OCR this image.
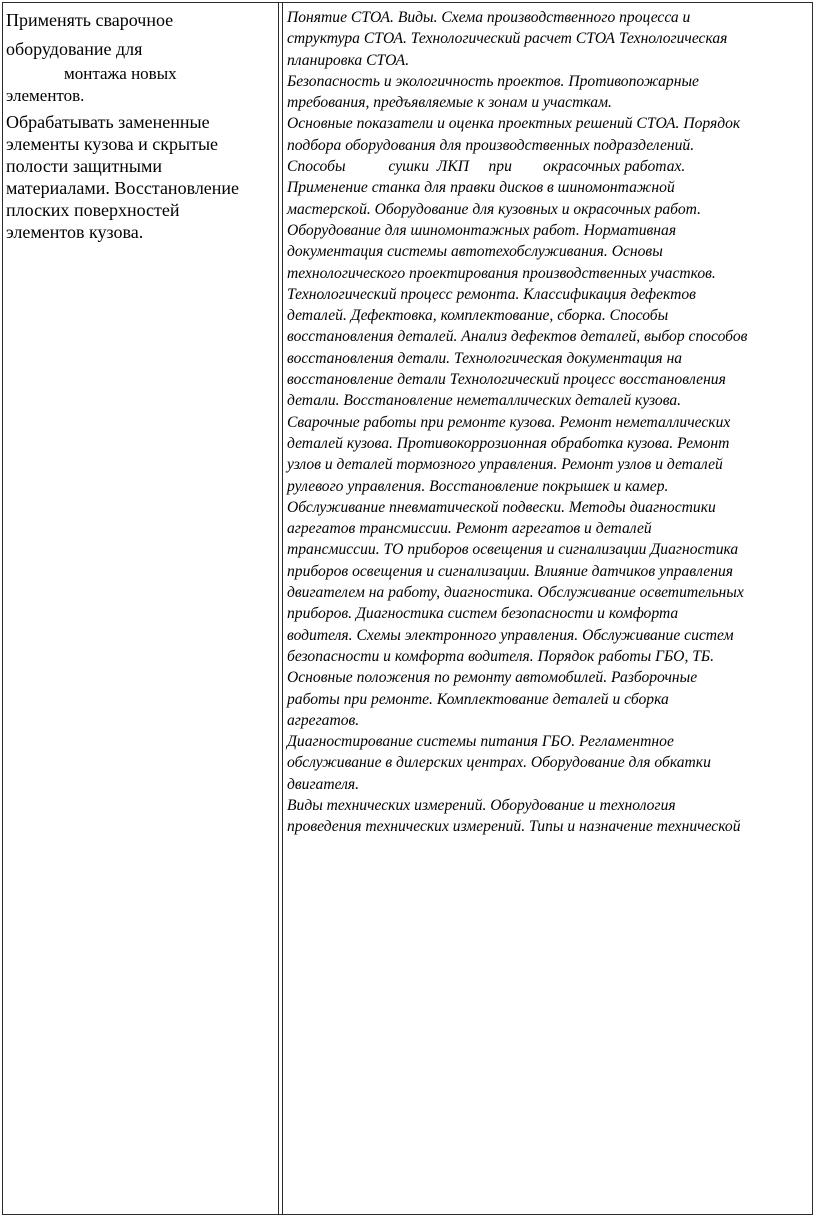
Применять сварочное
оборудование для
монтажа новых
элементов.
Обрабатывать замененные
элементы кузова и скрытые
полости защитными
материалами. Восстановление
плоских поверхностей
элементов кузова.
Понятие СТОА. Виды. Схема производственного процесса и
структура СТОА. Технологический расчет СТОА Технологическая
планировка СТОА.
Безопасность и экологичность проектов. Противопожарные
требования, предъявляемые к зонам и участкам.
Основные показатели и оценка проектных решений СТОА. Порядок
подбора оборудования для производственных подразделений.
Способы           сушки  ЛКП     при        окрасочных работах.
Применение станка для правки дисков в шиномонтажной
мастерской. Оборудование для кузовных и окрасочных работ.
Оборудование для шиномонтажных работ. Нормативная
документация системы автотехобслуживания. Основы
технологического проектирования производственных участков.
Технологический процесс ремонта. Классификация дефектов
деталей. Дефектовка, комплектование, сборка. Способы
восстановления деталей. Анализ дефектов деталей, выбор способов
восстановления детали. Технологическая документация на
восстановление детали Технологический процесс восстановления
детали. Восстановление неметаллических деталей кузова.
Сварочные работы при ремонте кузова. Ремонт неметаллических
деталей кузова. Противокоррозионная обработка кузова. Ремонт
узлов и деталей тормозного управления. Ремонт узлов и деталей
рулевого управления. Восстановление покрышек и камер.
Обслуживание пневматической подвески. Методы диагностики
агрегатов трансмиссии. Ремонт агрегатов и деталей
трансмиссии. ТО приборов освещения и сигнализации Диагностика
приборов освещения и сигнализации. Влияние датчиков управления
двигателем на работу, диагностика. Обслуживание осветительных
приборов. Диагностика систем безопасности и комфорта
водителя. Схемы электронного управления. Обслуживание систем
безопасности и комфорта водителя. Порядок работы ГБО, ТБ.
Основные положения по ремонту автомобилей. Разборочные
работы при ремонте. Комплектование деталей и сборка
агрегатов.
Диагностирование системы питания ГБО. Регламентное
обслуживание в дилерских центрах. Оборудование для обкатки
двигателя.
Виды технических измерений. Оборудование и технология
проведения технических измерений. Типы и назначение технической
